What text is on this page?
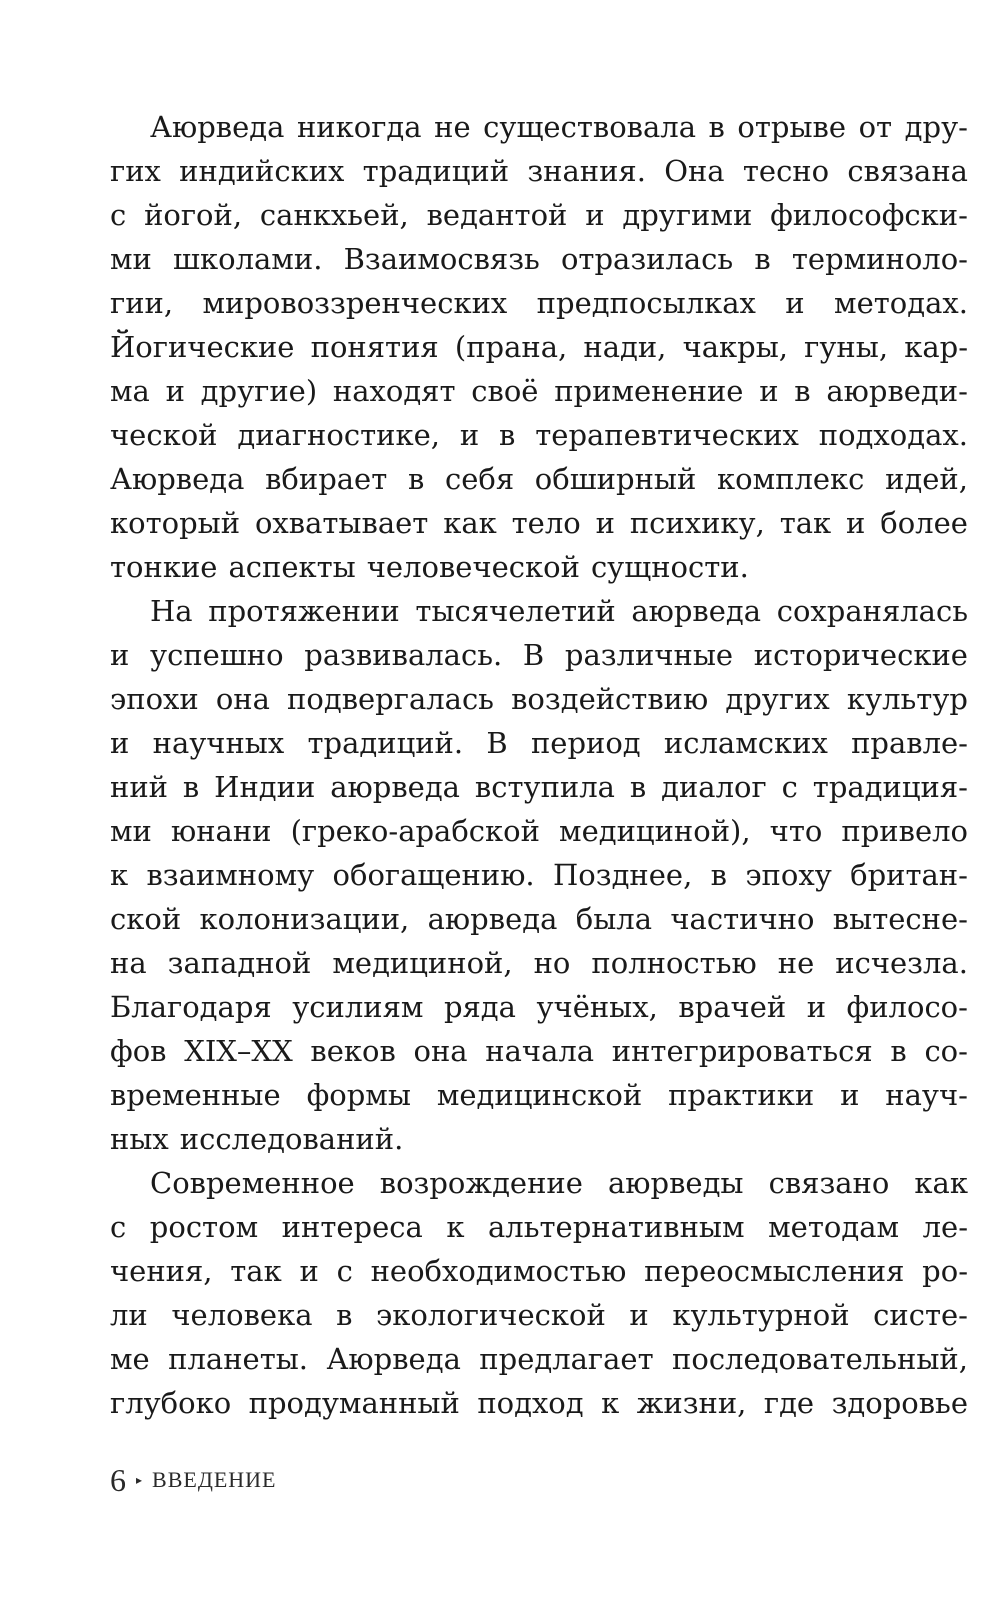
Аюрведа никогда не существовала в отрыве от дру-
гих индийских традиций знания. Она тесно связана
с йогой, санкхьей, ведантой и другими философски-
ми школами. Взаимосвязь отразилась в терминоло-
гии, мировоззренческих предпосылках и методах.
Йогические понятия (прана, нади, чакры, гуны, кар-
ма и другие) находят своё применение и в аюрведи-
ческой диагностике, и в терапевтических подходах.
Аюрведа вбирает в себя обширный комплекс идей,
который охватывает как тело и психику, так и более
тонкие аспекты человеческой сущности.
На протяжении тысячелетий аюрведа сохранялась
и успешно развивалась. В различные исторические
эпохи она подвергалась воздействию других культур
и научных традиций. В период исламских правле-
ний в Индии аюрведа вступила в диалог с традиция-
ми юнани (греко-арабской медициной), что привело
к взаимному обогащению. Позднее, в эпоху британ-
ской колонизации, аюрведа была частично вытесне-
на западной медициной, но полностью не исчезла.
Благодаря усилиям ряда учёных, врачей и филосо-
фов XIX–XX веков она начала интегрироваться в со-
временные формы медицинской практики и науч-
ных исследований.
Современное возрождение аюрведы связано как
с ростом интереса к альтернативным методам ле-
чения, так и с необходимостью переосмысления ро-
ли человека в экологической и культурной систе-
ме планеты. Аюрведа предлагает последовательный,
глубоко продуманный подход к жизни, где здоровье
6 ▸ ВВЕДЕНИЕ
